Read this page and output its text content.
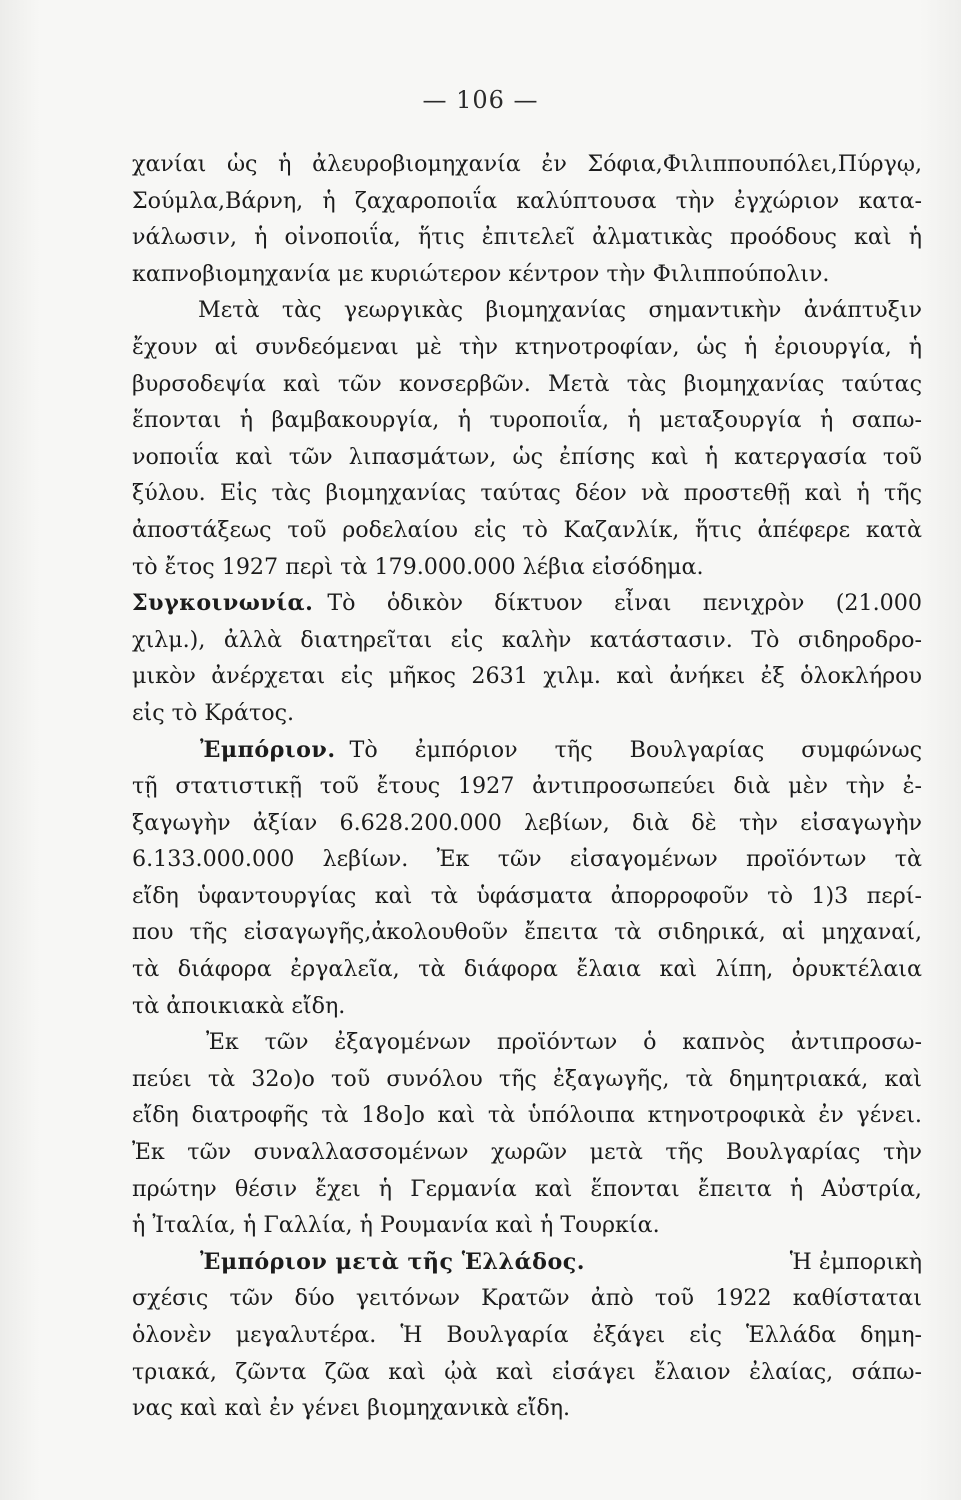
— 106 —
χανίαι ὡς ἡ ἀλευροβιομηχανία ἐν Σόφια,Φιλιππουπόλει,Πύργῳ,
Σούμλα,Βάρνη, ἡ ζαχαροποιΐα καλύπτουσα τὴν ἐγχώριον κατα-
νάλωσιν, ἡ οἰνοποιΐα, ἥτις ἐπιτελεῖ ἀλματικὰς προόδους καὶ ἡ
καπνοβιομηχανία με κυριώτερον κέντρον τὴν Φιλιππούπολιν.
Μετὰ τὰς γεωργικὰς βιομηχανίας σημαντικὴν ἀνάπτυξιν
ἔχουν αἱ συνδεόμεναι μὲ τὴν κτηνοτροφίαν, ὡς ἡ ἐριουργία, ἡ
βυρσοδεψία καὶ τῶν κονσερβῶν. Μετὰ τὰς βιομηχανίας ταύτας
ἕπονται ἡ βαμβακουργία, ἡ τυροποιΐα, ἡ μεταξουργία ἡ σαπω-
νοποιΐα καὶ τῶν λιπασμάτων, ὡς ἐπίσης καὶ ἡ κατεργασία τοῦ
ξύλου. Εἰς τὰς βιομηχανίας ταύτας δέον νὰ προστεθῇ καὶ ἡ τῆς
ἀποστάξεως τοῦ ροδελαίου εἰς τὸ Καζανλίκ, ἥτις ἀπέφερε κατὰ
τὸ ἔτος 1927 περὶ τὰ 179.000.000 λέβια εἰσόδημα.
Συγκοινωνία. Τὸ ὁδικὸν δίκτυον εἶναι πενιχρὸν (21.000
χιλμ.), ἀλλὰ διατηρεῖται εἰς καλὴν κατάστασιν. Τὸ σιδηροδρο-
μικὸν ἀνέρχεται εἰς μῆκος 2631 χιλμ. καὶ ἀνήκει ἐξ ὁλοκλήρου
εἰς τὸ Κράτος.
Ἐμπόριον. Τὸ ἐμπόριον τῆς Βουλγαρίας συμφώνως
τῇ στατιστικῇ τοῦ ἔτους 1927 ἀντιπροσωπεύει διὰ μὲν τὴν ἐ-
ξαγωγὴν ἀξίαν 6.628.200.000 λεβίων, διὰ δὲ τὴν εἰσαγωγὴν
6.133.000.000 λεβίων. Ἐκ τῶν εἰσαγομένων προϊόντων τὰ
εἴδη ὑφαντουργίας καὶ τὰ ὑφάσματα ἀπορροφοῦν τὸ 1)3 περί-
που τῆς εἰσαγωγῆς,ἀκολουθοῦν ἔπειτα τὰ σιδηρικά, αἱ μηχαναί,
τὰ διάφορα ἐργαλεῖα, τὰ διάφορα ἔλαια καὶ λίπη, ὀρυκτέλαια
τὰ ἀποικιακὰ εἴδη.
Ἐκ τῶν ἐξαγομένων προϊόντων ὁ καπνὸς ἀντιπροσω-
πεύει τὰ 32ο)ο τοῦ συνόλου τῆς ἐξαγωγῆς, τὰ δημητριακά, καὶ
εἴδη διατροφῆς τὰ 18ο]ο καὶ τὰ ὑπόλοιπα κτηνοτροφικὰ ἐν γένει.
Ἐκ τῶν συναλλασσομένων χωρῶν μετὰ τῆς Βουλγαρίας τὴν
πρώτην θέσιν ἔχει ἡ Γερμανία καὶ ἕπονται ἔπειτα ἡ Αὐστρία,
ἡ Ἰταλία, ἡ Γαλλία, ἡ Ρουμανία καὶ ἡ Τουρκία.
Ἐμπόριον μετὰ τῆς Ἑλλάδος.	Ἡ ἐμπορικὴ
σχέσις τῶν δύο γειτόνων Κρατῶν ἀπὸ τοῦ 1922 καθίσταται
ὁλονὲν μεγαλυτέρα. Ἡ Βουλγαρία ἐξάγει εἰς Ἑλλάδα δημη-
τριακά, ζῶντα ζῶα καὶ ᾠὰ καὶ εἰσάγει ἔλαιον ἐλαίας, σάπω-
νας καὶ καὶ ἐν γένει βιομηχανικὰ εἴδη.
